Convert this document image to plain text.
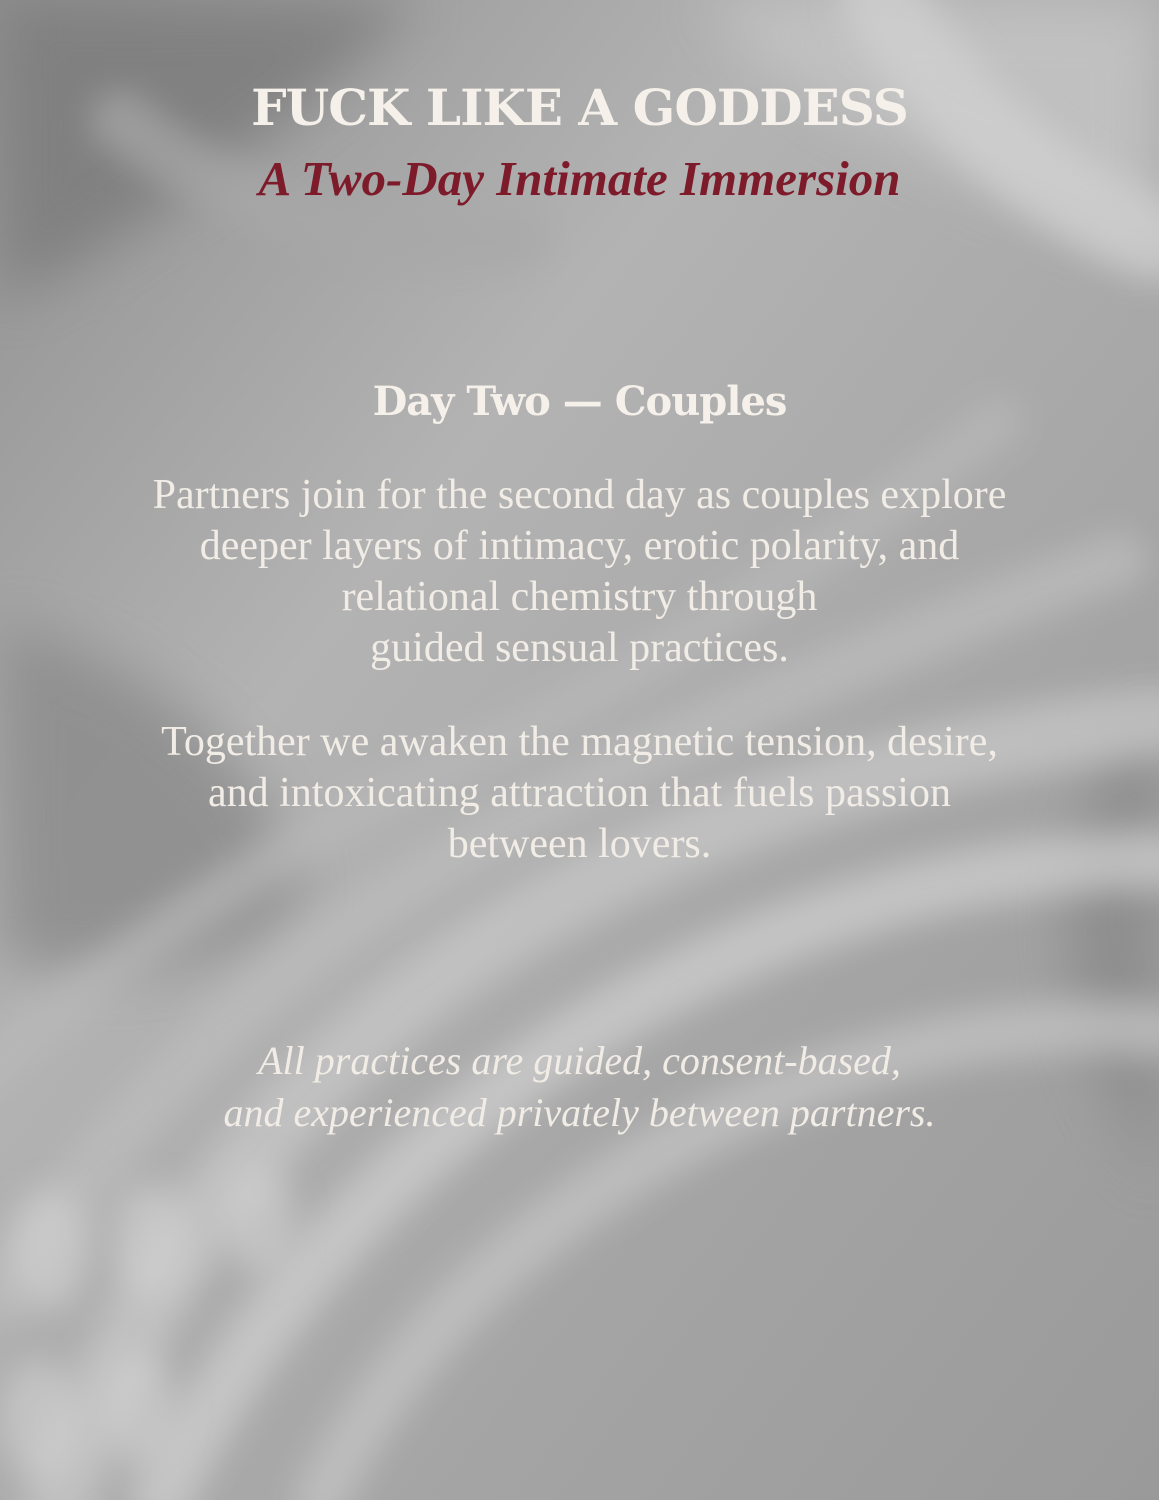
FUCK LIKE A GODDESS
A Two-Day Intimate Immersion
Day Two — Couples

Partners join for the second day as couples explore
deeper layers of intimacy, erotic polarity, and
relational chemistry through
guided sensual practices.

Together we awaken the magnetic tension, desire,
and intoxicating attraction that fuels passion
between lovers.

All practices are guided, consent-based,
and experienced privately between partners.
